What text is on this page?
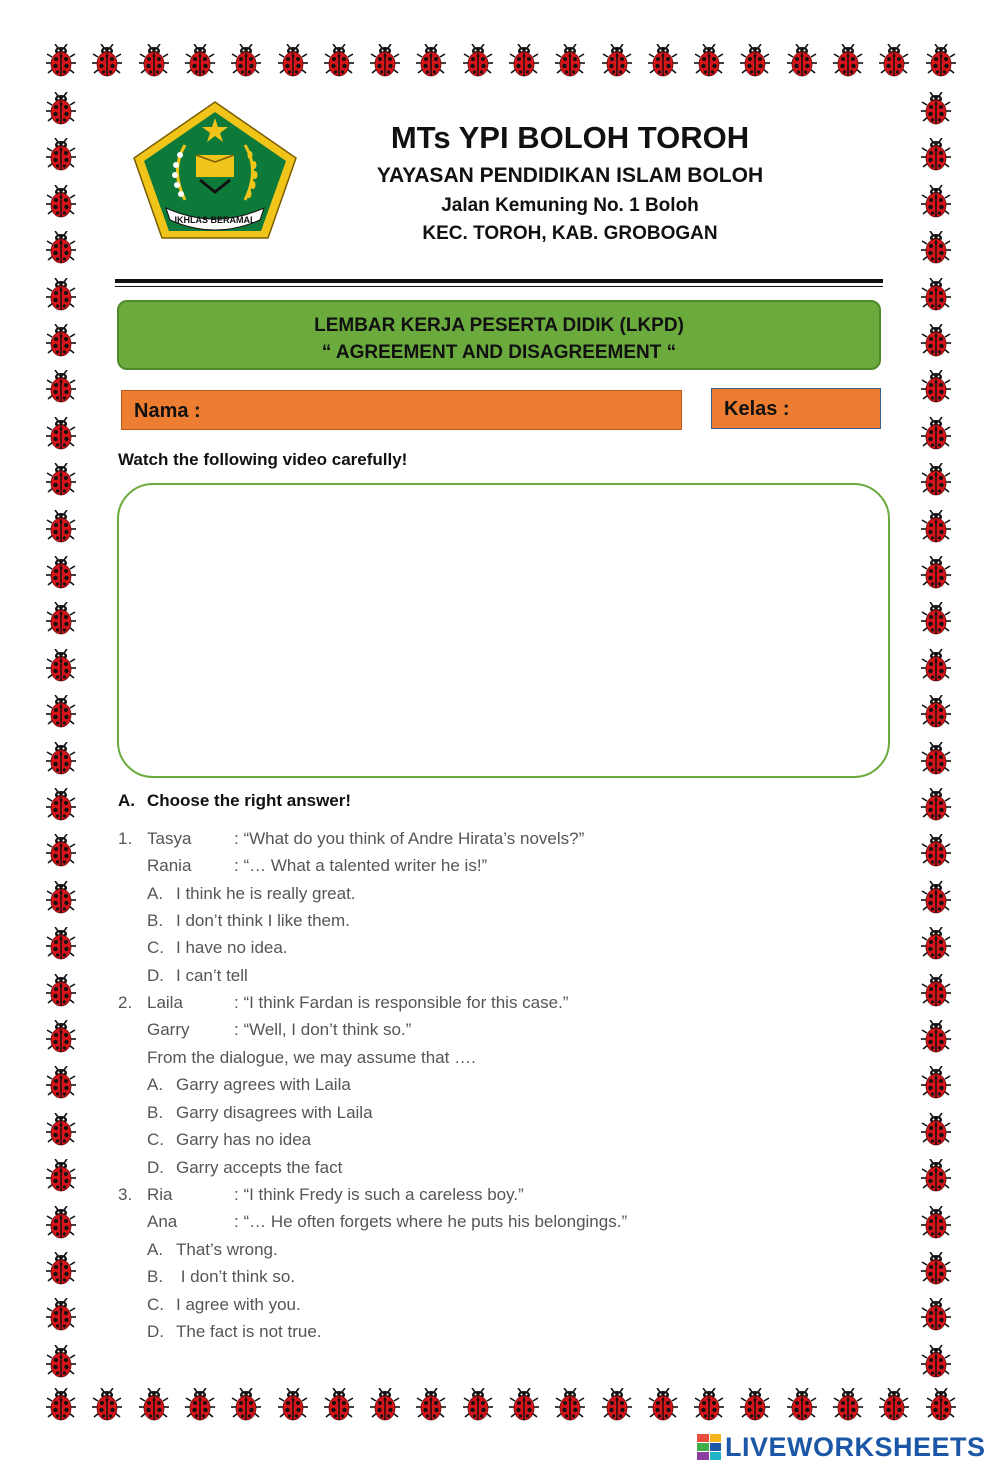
IKHLAS BERAMAL
MTs YPI BOLOH TOROH
YAYASAN PENDIDIKAN ISLAM BOLOH
Jalan Kemuning No. 1 Boloh
KEC. TOROH, KAB. GROBOGAN
LEMBAR KERJA PESERTA DIDIK (LKPD)
“ AGREEMENT AND DISAGREEMENT “
Nama :	Kelas :
Watch the following video carefully!
A. Choose the right answer!
1. Tasya	: “What do you think of Andre Hirata’s novels?”
Rania	: “… What a talented writer he is!”
A. I think he is really great.
B. I don’t think I like them.
C. I have no idea.
D. I can’t tell
2. Laila	: “I think Fardan is responsible for this case.”
Garry	: “Well, I don’t think so.”
From the dialogue, we may assume that ….
A. Garry agrees with Laila
B. Garry disagrees with Laila
C. Garry has no idea
D. Garry accepts the fact
3. Ria	: “I think Fredy is such a careless boy.”
Ana	: “… He often forgets where he puts his belongings.”
A. That’s wrong.
B. I don’t think so.
C. I agree with you.
D. The fact is not true.
LIVEWORKSHEETS
